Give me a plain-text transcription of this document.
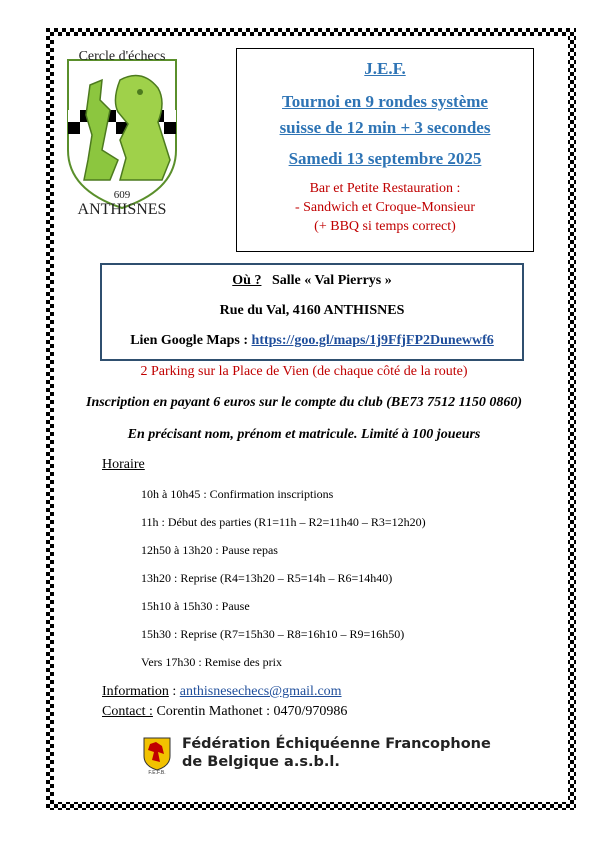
Cercle d'échecs
609
ANTHISNES
J.E.F.
Tournoi en 9 rondes système
suisse de 12 min + 3 secondes
Samedi 13 septembre 2025
Bar et Petite Restauration :
- Sandwich et Croque-Monsieur
(+ BBQ si temps correct)
Où ? Salle « Val Pierrys »
Rue du Val, 4160 ANTHISNES
Lien Google Maps : https://goo.gl/maps/1j9FfjFP2Dunewwf6
2 Parking sur la Place de Vien (de chaque côté de la route)
Inscription en payant 6 euros sur le compte du club (BE73 7512 1150 0860)
En précisant nom, prénom et matricule. Limité à 100 joueurs
Horaire
10h à 10h45 : Confirmation inscriptions
11h : Début des parties (R1=11h – R2=11h40 – R3=12h20)
12h50 à 13h20 : Pause repas
13h20 : Reprise (R4=13h20 – R5=14h – R6=14h40)
15h10 à 15h30 : Pause
15h30 : Reprise (R7=15h30 – R8=16h10 – R9=16h50)
Vers 17h30 : Remise des prix
Information : anthisnesechecs@gmail.com
Contact : Corentin Mathonet : 0470/970986
F.E.F.B.
Fédération Échiquéenne Francophone
de Belgique a.s.b.l.
